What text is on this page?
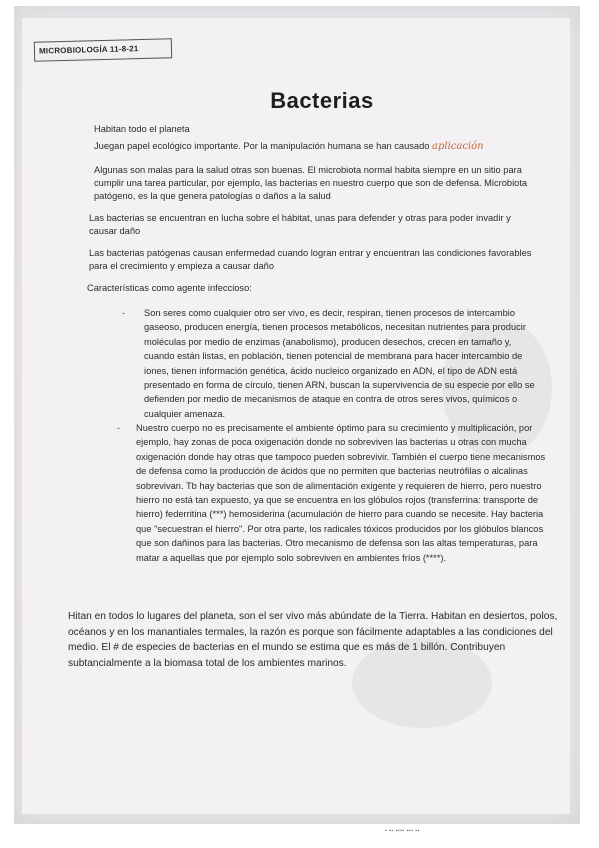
MICROBIOLOGÍA 11-8-21
Bacterias
Habitan todo el planeta
Juegan papel ecológico importante. Por la manipulación humana se han causado aplicación
Algunas son malas para la salud otras son buenas. El microbiota normal habita siempre en un sitio para cumplir una tarea particular, por ejemplo, las bacterias en nuestro cuerpo que son de defensa. Microbiota patógeno, es la que genera patologías o daños a la salud
Las bacterias se encuentran en lucha sobre el hábitat, unas para defender y otras para poder invadir y causar daño
Las bacterias patógenas causan enfermedad cuando logran entrar y encuentran las condiciones favorables para el crecimiento y empieza a causar daño
Características como agente infeccioso:
- Son seres como cualquier otro ser vivo, es decir, respiran, tienen procesos de intercambio gaseoso, producen energía, tienen procesos metabólicos, necesitan nutrientes para producir moléculas por medio de enzimas (anabolismo), producen desechos, crecen en tamaño y, cuando están listas, en población, tienen potencial de membrana para hacer intercambio de iones, tienen información genética, ácido nucleico organizado en ADN, el tipo de ADN está presentado en forma de círculo, tienen ARN, buscan la supervivencia de su especie por ello se defienden por medio de mecanismos de ataque en contra de otros seres vivos, químicos o cualquier amenaza.
- Nuestro cuerpo no es precisamente el ambiente óptimo para su crecimiento y multiplicación, por ejemplo, hay zonas de poca oxigenación donde no sobreviven las bacterias u otras con mucha oxigenación donde hay otras que tampoco pueden sobrevivir. También el cuerpo tiene mecanismos de defensa como la producción de ácidos que no permiten que bacterias neutrófilas o alcalinas sobrevivan. Tb hay bacterias que son de alimentación exigente y requieren de hierro, pero nuestro hierro no está tan expuesto, ya que se encuentra en los glóbulos rojos (transferrina: transporte de hierro) federritina (***) hemosiderina (acumulación de hierro para cuando se necesite. Hay bacteria que "secuestran el hierro". Por otra parte, los radicales tóxicos producidos por los glóbulos blancos que son dañinos para las bacterias. Otro mecanismo de defensa son las altas temperaturas, para matar a aquellas que por ejemplo solo sobreviven en ambientes fríos (****).
Hitan en todos lo lugares del planeta, son el ser vivo más abúndate de la Tierra. Habitan en desiertos, polos, océanos y en los manantiales termales, la razón es porque son fácilmente adaptables a las condiciones del medio. El # de especies de bacterias en el mundo se estima que es más de 1 billón. Contribuyen subtancialmente a la biomasa total de los ambientes marinos.
▪ ▪▪ ▪▪▪▪ ▪▪▪ ▪▪
